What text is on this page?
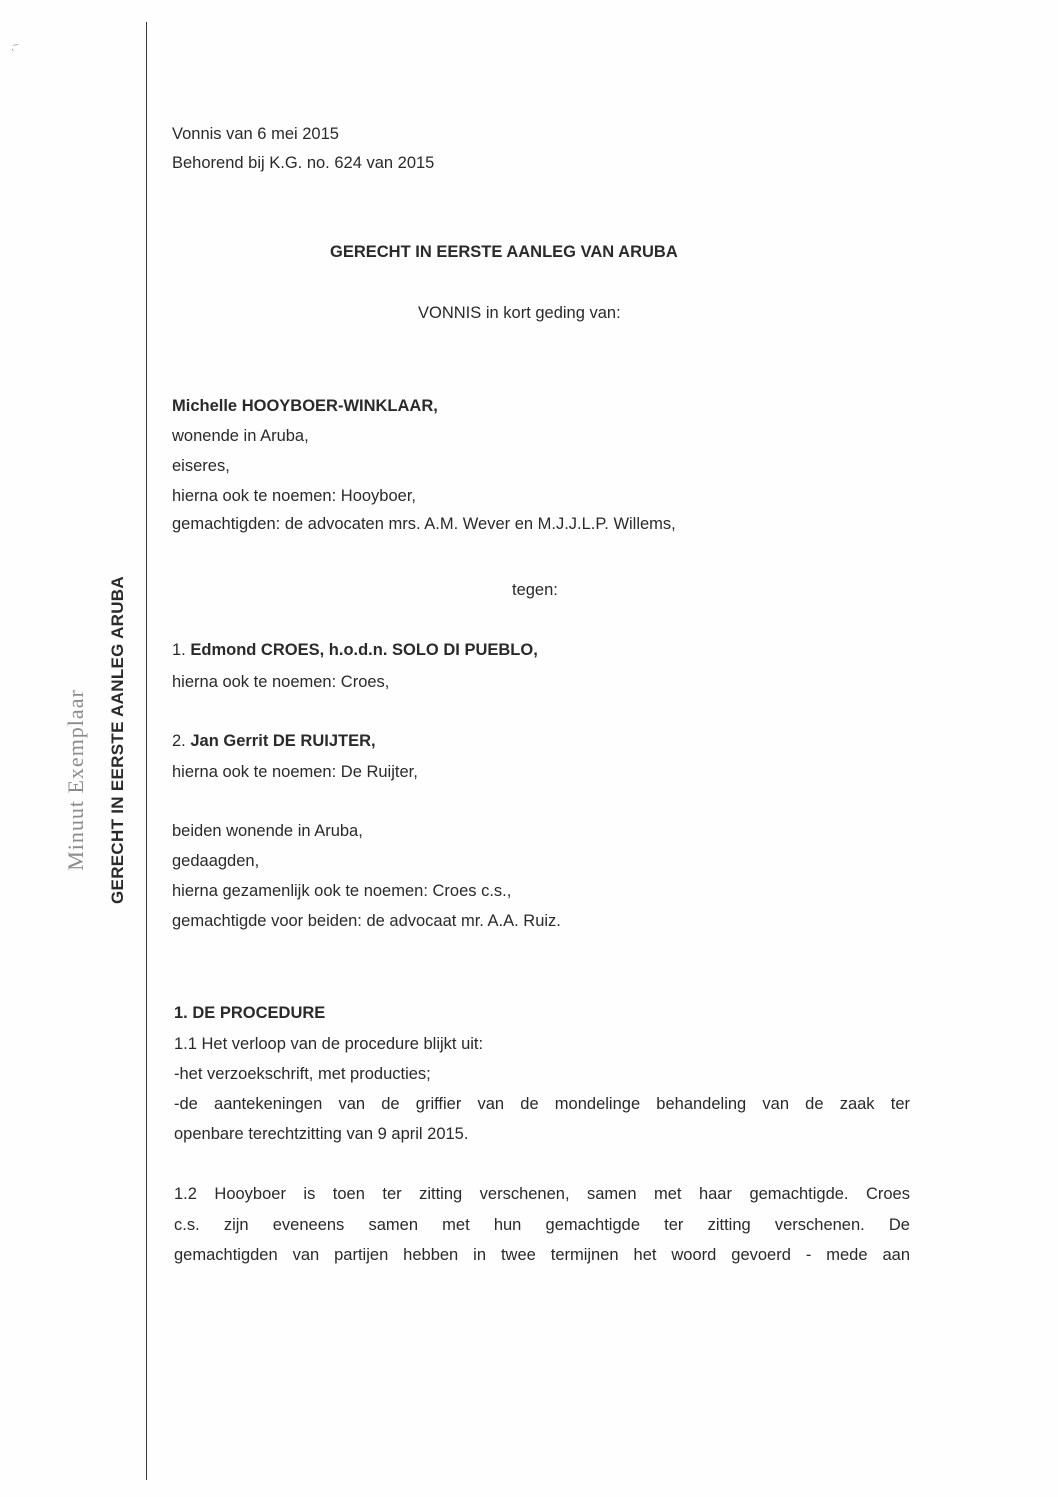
,~
GERECHT IN EERSTE AANLEG ARUBA
Minuut Exemplaar
Vonnis van 6 mei 2015
Behorend bij K.G. no. 624 van 2015
GERECHT IN EERSTE AANLEG VAN ARUBA
VONNIS in kort geding van:
Michelle HOOYBOER-WINKLAAR,
wonende in Aruba,
eiseres,
hierna ook te noemen: Hooyboer,
gemachtigden: de advocaten mrs. A.M. Wever en M.J.J.L.P. Willems,
tegen:
1. Edmond CROES, h.o.d.n. SOLO DI PUEBLO,
hierna ook te noemen: Croes,
2. Jan Gerrit DE RUIJTER,
hierna ook te noemen: De Ruijter,
beiden wonende in Aruba,
gedaagden,
hierna gezamenlijk ook te noemen: Croes c.s.,
gemachtigde voor beiden: de advocaat mr. A.A. Ruiz.
1. DE PROCEDURE
1.1 Het verloop van de procedure blijkt uit:
-het verzoekschrift, met producties;
-de aantekeningen van de griffier van de mondelinge behandeling van de zaak ter
openbare terechtzitting van 9 april 2015.
1.2 Hooyboer is toen ter zitting verschenen, samen met haar gemachtigde. Croes
c.s. zijn eveneens samen met hun gemachtigde ter zitting verschenen. De
gemachtigden van partijen hebben in twee termijnen het woord gevoerd - mede aan
